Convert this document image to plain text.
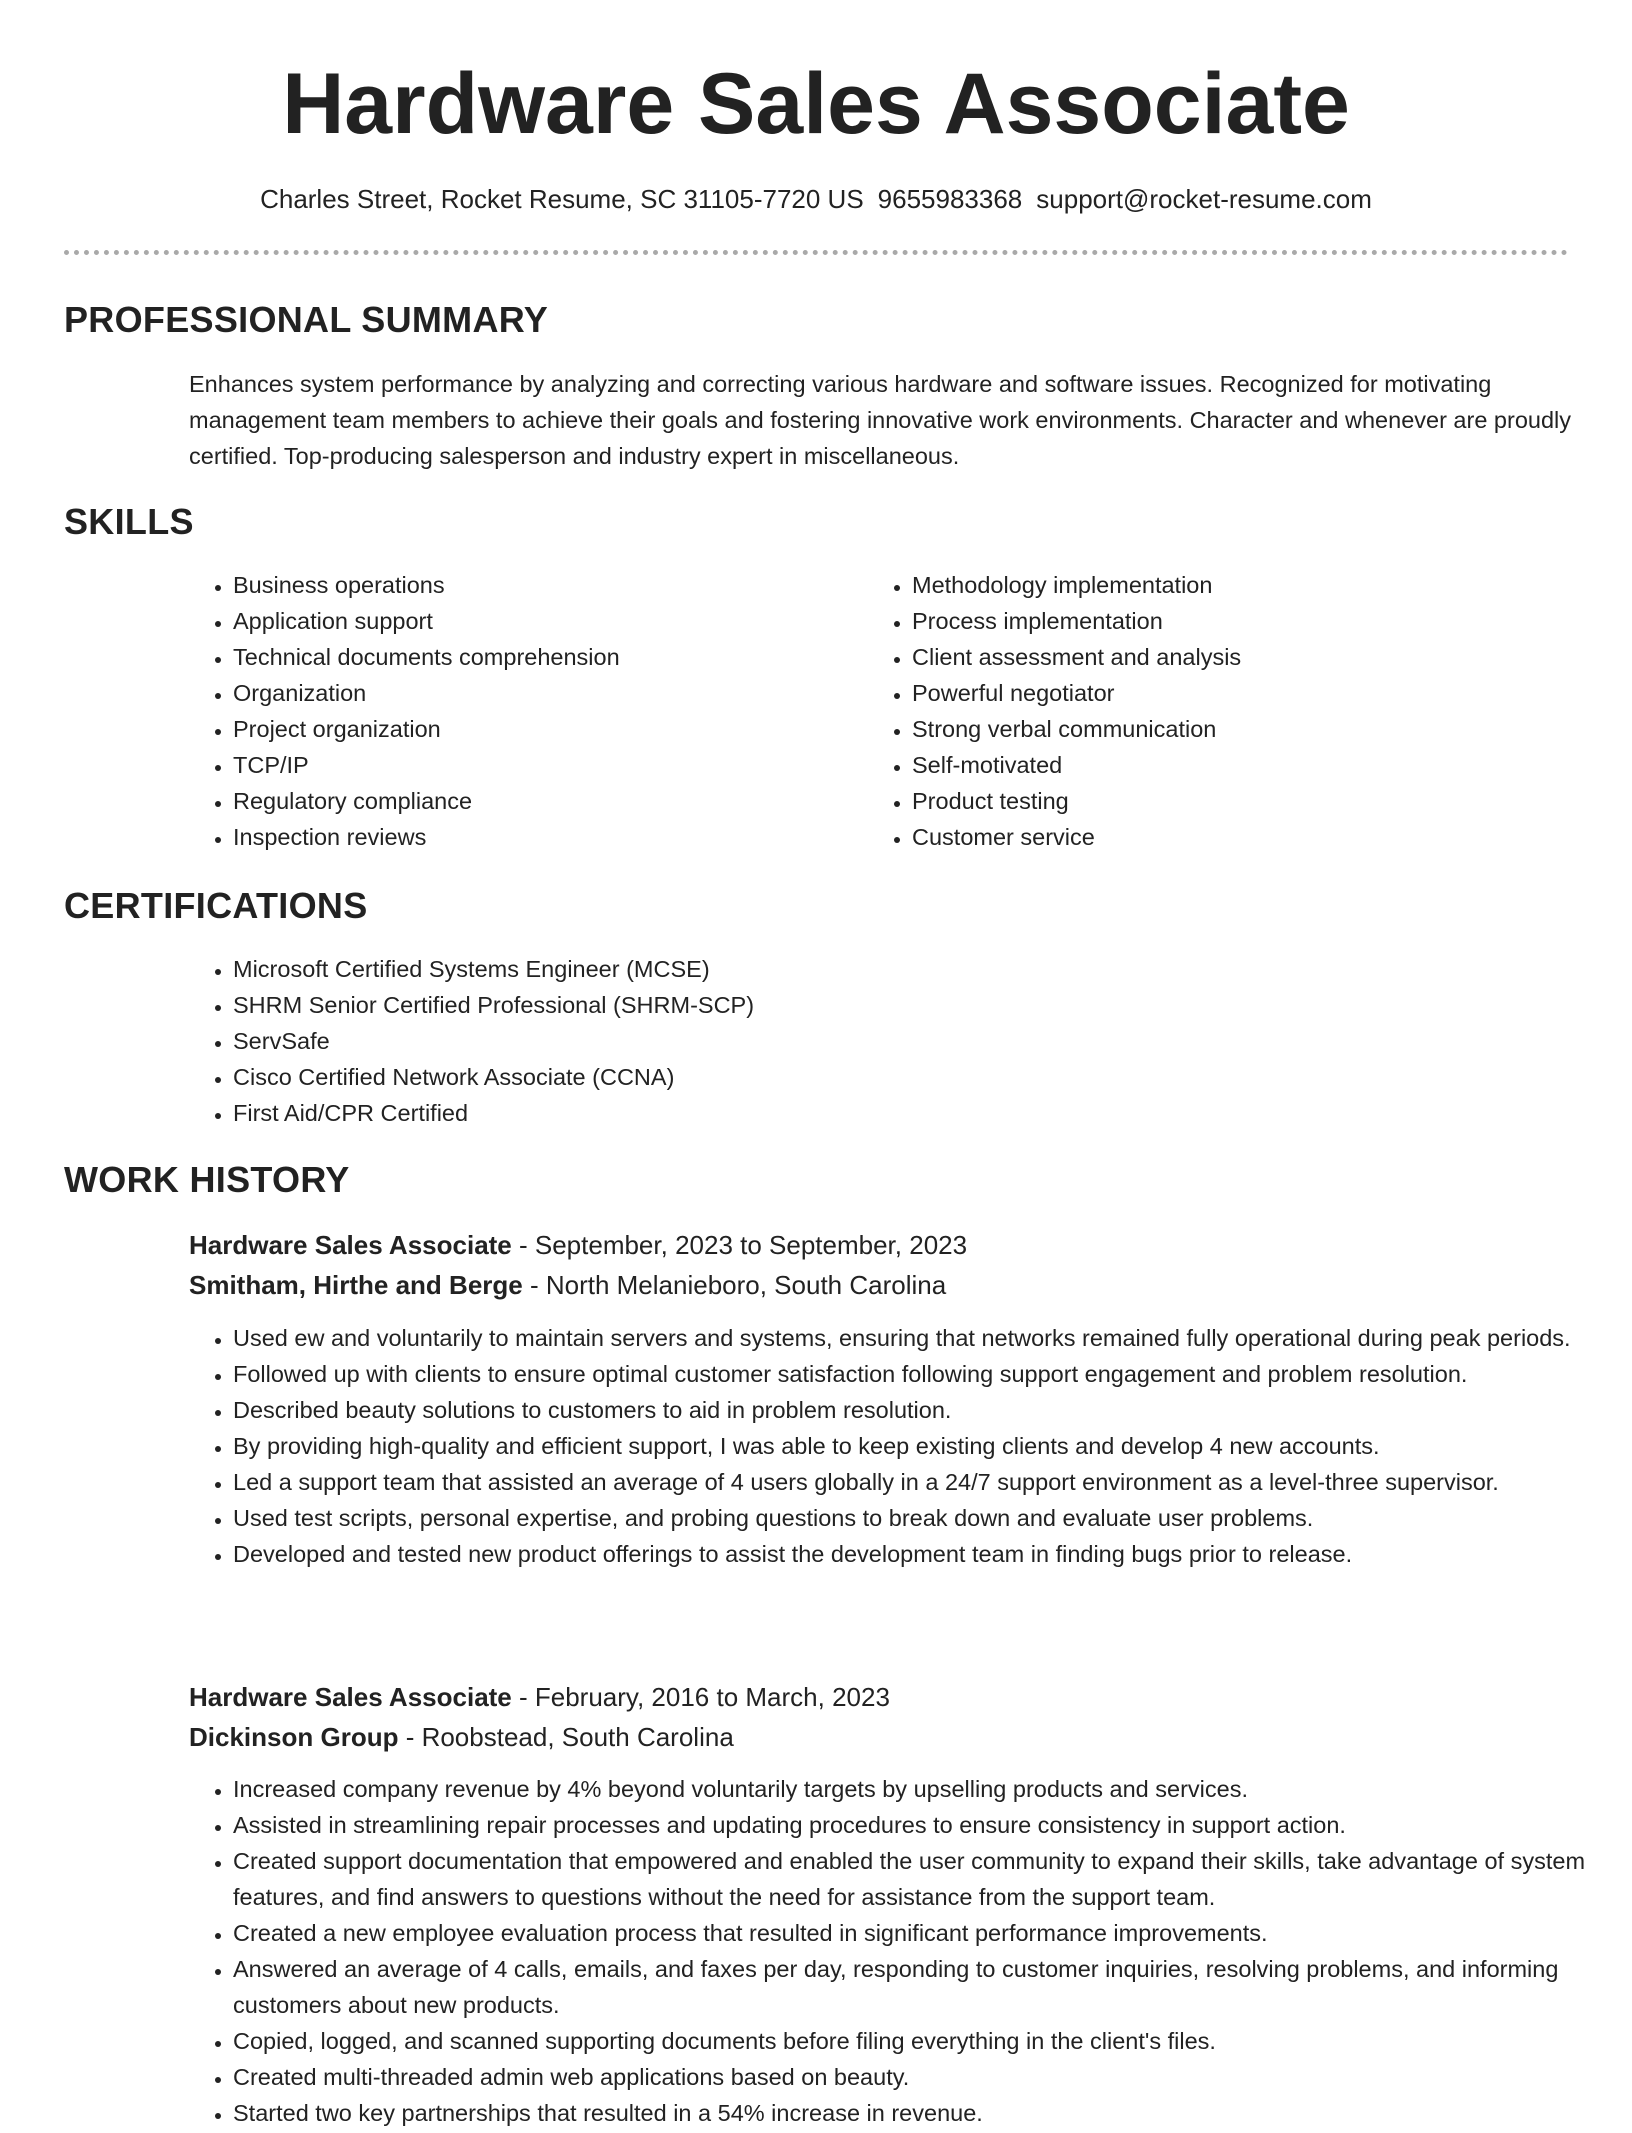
Hardware Sales Associate
Charles Street, Rocket Resume, SC 31105-7720 US 9655983368 support@rocket-resume.com
PROFESSIONAL SUMMARY

Enhances system performance by analyzing and correcting various hardware and software issues. Recognized for motivating management team members to achieve their goals and fostering innovative work environments. Character and whenever are proudly certified. Top-producing salesperson and industry expert in miscellaneous.

SKILLS
• Business operations
• Application support
• Technical documents comprehension
• Organization
• Project organization
• TCP/IP
• Regulatory compliance
• Inspection reviews
• Methodology implementation
• Process implementation
• Client assessment and analysis
• Powerful negotiator
• Strong verbal communication
• Self-motivated
• Product testing
• Customer service
CERTIFICATIONS
• Microsoft Certified Systems Engineer (MCSE)
• SHRM Senior Certified Professional (SHRM-SCP)
• ServSafe
• Cisco Certified Network Associate (CCNA)
• First Aid/CPR Certified
WORK HISTORY
Hardware Sales Associate - September, 2023 to September, 2023
Smitham, Hirthe and Berge - North Melanieboro, South Carolina
• Used ew and voluntarily to maintain servers and systems, ensuring that networks remained fully operational during peak periods.
• Followed up with clients to ensure optimal customer satisfaction following support engagement and problem resolution.
• Described beauty solutions to customers to aid in problem resolution.
• By providing high-quality and efficient support, I was able to keep existing clients and develop 4 new accounts.
• Led a support team that assisted an average of 4 users globally in a 24/7 support environment as a level-three supervisor.
• Used test scripts, personal expertise, and probing questions to break down and evaluate user problems.
• Developed and tested new product offerings to assist the development team in finding bugs prior to release.
Hardware Sales Associate - February, 2016 to March, 2023
Dickinson Group - Roobstead, South Carolina
• Increased company revenue by 4% beyond voluntarily targets by upselling products and services.
• Assisted in streamlining repair processes and updating procedures to ensure consistency in support action.
• Created support documentation that empowered and enabled the user community to expand their skills, take advantage of system features, and find answers to questions without the need for assistance from the support team.
• Created a new employee evaluation process that resulted in significant performance improvements.
• Answered an average of 4 calls, emails, and faxes per day, responding to customer inquiries, resolving problems, and informing customers about new products.
• Copied, logged, and scanned supporting documents before filing everything in the client's files.
• Created multi-threaded admin web applications based on beauty.
• Started two key partnerships that resulted in a 54% increase in revenue.
